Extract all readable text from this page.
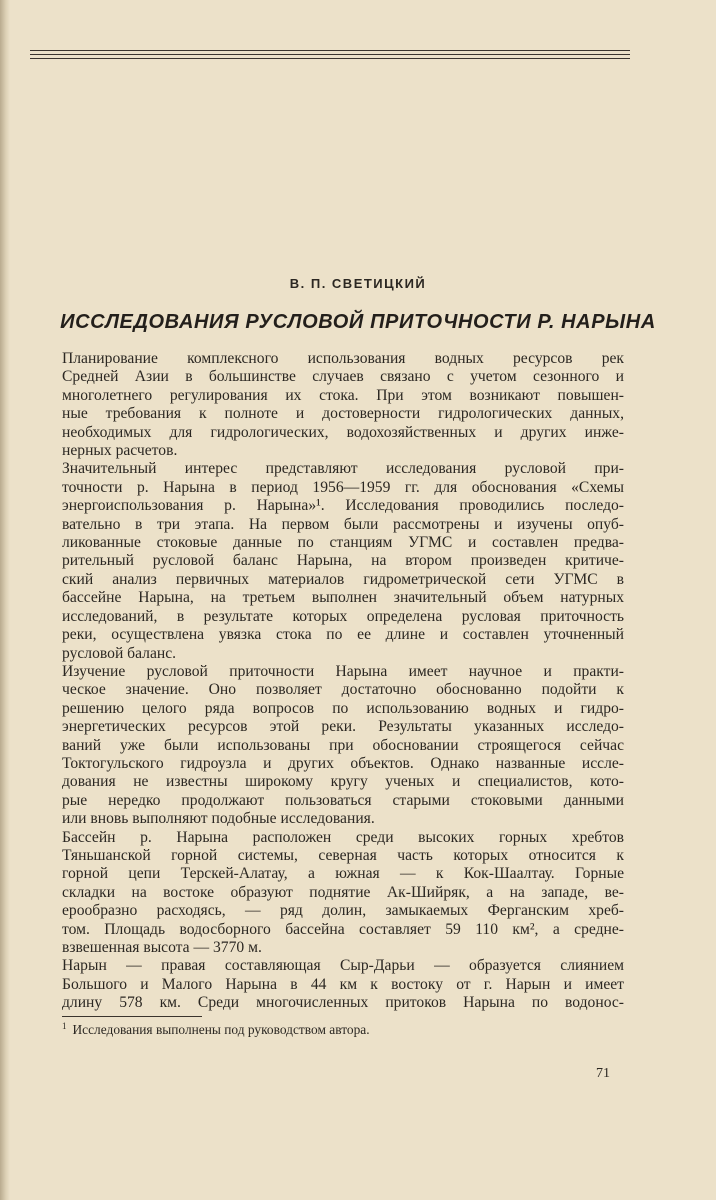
В. П. СВЕТИЦКИЙ
ИССЛЕДОВАНИЯ РУСЛОВОЙ ПРИТОЧНОСТИ Р. НАРЫНА

Планирование комплексного использования водных ресурсов рек
Средней Азии в большинстве случаев связано с учетом сезонного и
многолетнего регулирования их стока. При этом возникают повышен-
ные требования к полноте и достоверности гидрологических данных,
необходимых для гидрологических, водохозяйственных и других инже-
нерных расчетов.

Значительный интерес представляют исследования русловой при-
точности р. Нарына в период 1956—1959 гг. для обоснования «Схемы
энергоиспользования р. Нарына»¹. Исследования проводились последо-
вательно в три этапа. На первом были рассмотрены и изучены опуб-
ликованные стоковые данные по станциям УГМС и составлен предва-
рительный русловой баланс Нарына, на втором произведен критиче-
ский анализ первичных материалов гидрометрической сети УГМС в
бассейне Нарына, на третьем выполнен значительный объем натурных
исследований, в результате которых определена русловая приточность
реки, осуществлена увязка стока по ее длине и составлен уточненный
русловой баланс.

Изучение русловой приточности Нарына имеет научное и практи-
ческое значение. Оно позволяет достаточно обоснованно подойти к
решению целого ряда вопросов по использованию водных и гидро-
энергетических ресурсов этой реки. Результаты указанных исследо-
ваний уже были использованы при обосновании строящегося сейчас
Токтогульского гидроузла и других объектов. Однако названные иссле-
дования не известны широкому кругу ученых и специалистов, кото-
рые нередко продолжают пользоваться старыми стоковыми данными
или вновь выполняют подобные исследования.

Бассейн р. Нарына расположен среди высоких горных хребтов
Тяньшанской горной системы, северная часть которых относится к
горной цепи Терскей-Алатау, а южная — к Кок-Шаалтау. Горные
складки на востоке образуют поднятие Ак-Шийряк, а на западе, ве-
ерообразно расходясь, — ряд долин, замыкаемых Ферганским хреб-
том. Площадь водосборного бассейна составляет 59 110 км², а средне-
взвешенная высота — 3770 м.

Нарын — правая составляющая Сыр-Дарьи — образуется слиянием
Большого и Малого Нарына в 44 км к востоку от г. Нарын и имеет
длину 578 км. Среди многочисленных притоков Нарына по водонос-

$^1$ Исследования выполнены под руководством автора.
71
